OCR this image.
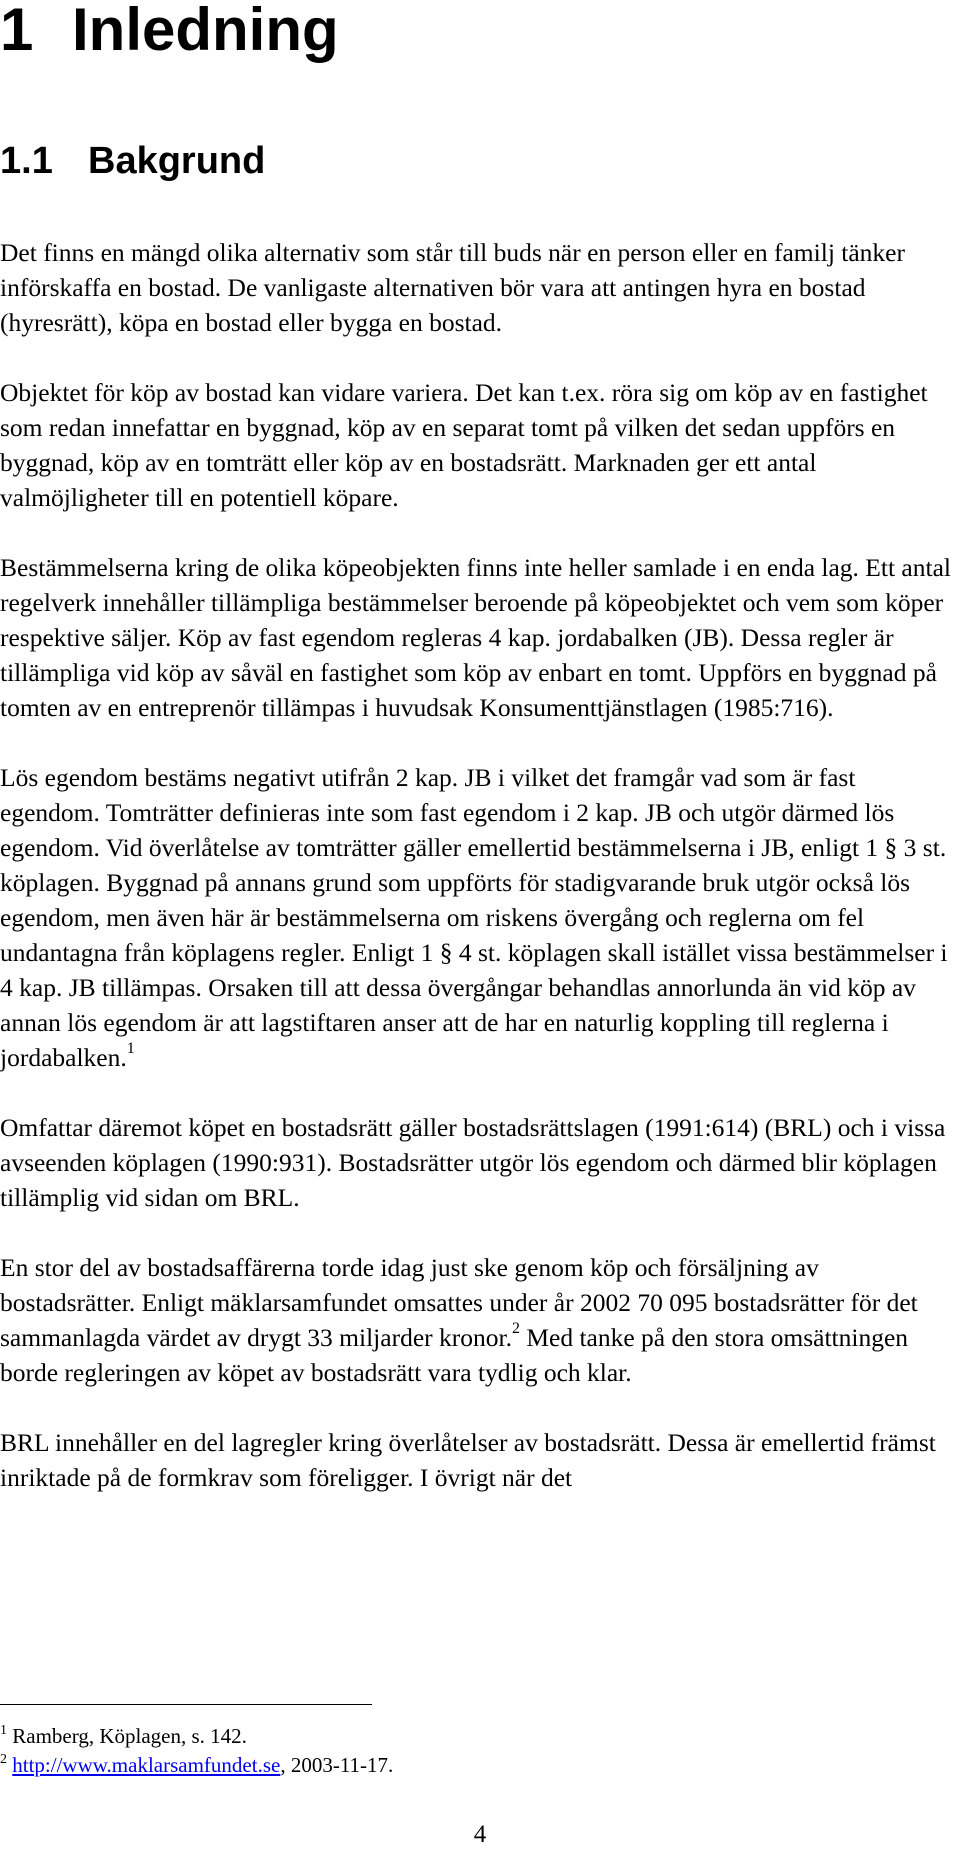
1 Inledning
1.1 Bakgrund

Det finns en mängd olika alternativ som står till buds när en person eller en familj tänker införskaffa en bostad. De vanligaste alternativen bör vara att antingen hyra en bostad (hyresrätt), köpa en bostad eller bygga en bostad.

Objektet för köp av bostad kan vidare variera. Det kan t.ex. röra sig om köp av en fastighet som redan innefattar en byggnad, köp av en separat tomt på vilken det sedan uppförs en byggnad, köp av en tomträtt eller köp av en bostadsrätt. Marknaden ger ett antal valmöjligheter till en potentiell köpare.

Bestämmelserna kring de olika köpeobjekten finns inte heller samlade i en enda lag. Ett antal regelverk innehåller tillämpliga bestämmelser beroende på köpeobjektet och vem som köper respektive säljer. Köp av fast egendom regleras 4 kap. jordabalken (JB). Dessa regler är tillämpliga vid köp av såväl en fastighet som köp av enbart en tomt. Uppförs en byggnad på tomten av en entreprenör tillämpas i huvudsak Konsumenttjänstlagen (1985:716).

Lös egendom bestäms negativt utifrån 2 kap. JB i vilket det framgår vad som är fast egendom. Tomträtter definieras inte som fast egendom i 2 kap. JB och utgör därmed lös egendom. Vid överlåtelse av tomträtter gäller emellertid bestämmelserna i JB, enligt 1 § 3 st. köplagen. Byggnad på annans grund som uppförts för stadigvarande bruk utgör också lös egendom, men även här är bestämmelserna om riskens övergång och reglerna om fel undantagna från köplagens regler. Enligt 1 § 4 st. köplagen skall istället vissa bestämmelser i 4 kap. JB tillämpas. Orsaken till att dessa övergångar behandlas annorlunda än vid köp av annan lös egendom är att lagstiftaren anser att de har en naturlig koppling till reglerna i jordabalken.$^1$

Omfattar däremot köpet en bostadsrätt gäller bostadsrättslagen (1991:614) (BRL) och i vissa avseenden köplagen (1990:931). Bostadsrätter utgör lös egendom och därmed blir köplagen tillämplig vid sidan om BRL.

En stor del av bostadsaffärerna torde idag just ske genom köp och försäljning av bostadsrätter. Enligt mäklarsamfundet omsattes under år 2002 70 095 bostadsrätter för det sammanlagda värdet av drygt 33 miljarder kronor.$^2$ Med tanke på den stora omsättningen borde regleringen av köpet av bostadsrätt vara tydlig och klar.

BRL innehåller en del lagregler kring överlåtelser av bostadsrätt. Dessa är emellertid främst inriktade på de formkrav som föreligger. I övrigt när det

$^1$ Ramberg, Köplagen, s. 142.
$^2$ http://www.maklarsamfundet.se, 2003-11-17.
4
